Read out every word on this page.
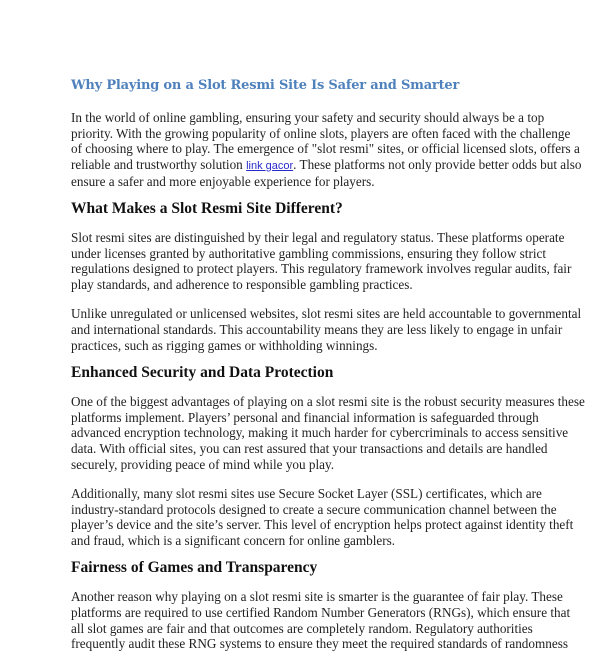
Why Playing on a Slot Resmi Site Is Safer and Smarter

In the world of online gambling, ensuring your safety and security should always be a top
priority. With the growing popularity of online slots, players are often faced with the challenge
of choosing where to play. The emergence of "slot resmi" sites, or official licensed slots, offers a
reliable and trustworthy solution link gacor. These platforms not only provide better odds but also
ensure a safer and more enjoyable experience for players.

What Makes a Slot Resmi Site Different?

Slot resmi sites are distinguished by their legal and regulatory status. These platforms operate
under licenses granted by authoritative gambling commissions, ensuring they follow strict
regulations designed to protect players. This regulatory framework involves regular audits, fair
play standards, and adherence to responsible gambling practices.

Unlike unregulated or unlicensed websites, slot resmi sites are held accountable to governmental
and international standards. This accountability means they are less likely to engage in unfair
practices, such as rigging games or withholding winnings.

Enhanced Security and Data Protection

One of the biggest advantages of playing on a slot resmi site is the robust security measures these
platforms implement. Players’ personal and financial information is safeguarded through
advanced encryption technology, making it much harder for cybercriminals to access sensitive
data. With official sites, you can rest assured that your transactions and details are handled
securely, providing peace of mind while you play.

Additionally, many slot resmi sites use Secure Socket Layer (SSL) certificates, which are
industry-standard protocols designed to create a secure communication channel between the
player’s device and the site’s server. This level of encryption helps protect against identity theft
and fraud, which is a significant concern for online gamblers.

Fairness of Games and Transparency

Another reason why playing on a slot resmi site is smarter is the guarantee of fair play. These
platforms are required to use certified Random Number Generators (RNGs), which ensure that
all slot games are fair and that outcomes are completely random. Regulatory authorities
frequently audit these RNG systems to ensure they meet the required standards of randomness
